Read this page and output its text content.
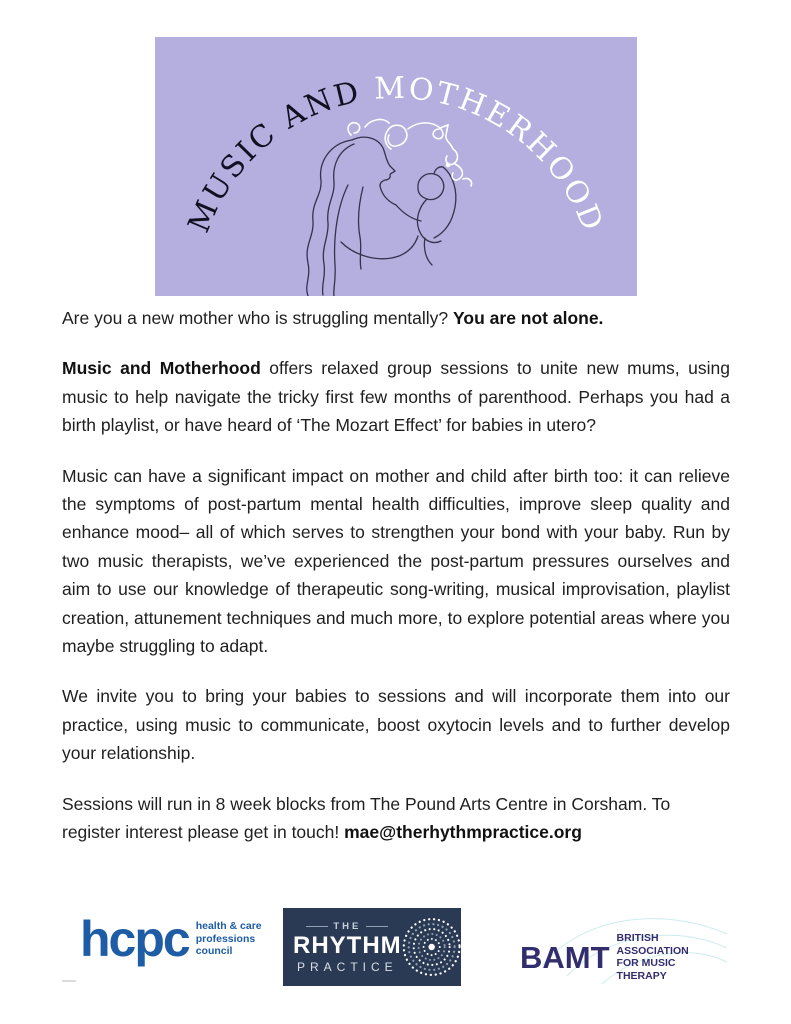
MUSIC AND MOTHERHOOD

Are you a new mother who is struggling mentally? You are not alone.

Music and Motherhood offers relaxed group sessions to unite new mums, using music to help navigate the tricky first few months of parenthood. Perhaps you had a birth playlist, or have heard of ‘The Mozart Effect’ for babies in utero?

Music can have a significant impact on mother and child after birth too: it can relieve the symptoms of post-partum mental health difficulties, improve sleep quality and enhance mood– all of which serves to strengthen your bond with your baby. Run by two music therapists, we’ve experienced the post-partum pressures ourselves and aim to use our knowledge of therapeutic song-writing, musical improvisation, playlist creation, attunement techniques and much more, to explore potential areas where you maybe struggling to adapt.

We invite you to bring your babies to sessions and will incorporate them into our practice, using music to communicate, boost oxytocin levels and to further develop your relationship.

Sessions will run in 8 week blocks from The Pound Arts Centre in Corsham. To register interest please get in touch! mae@therhythmpractice.org

hcpc health & care
professions
council
THE
RHYTHM
PRACTICE	BAMT
BRITISH ASSOCIATION
FOR MUSIC THERAPY
